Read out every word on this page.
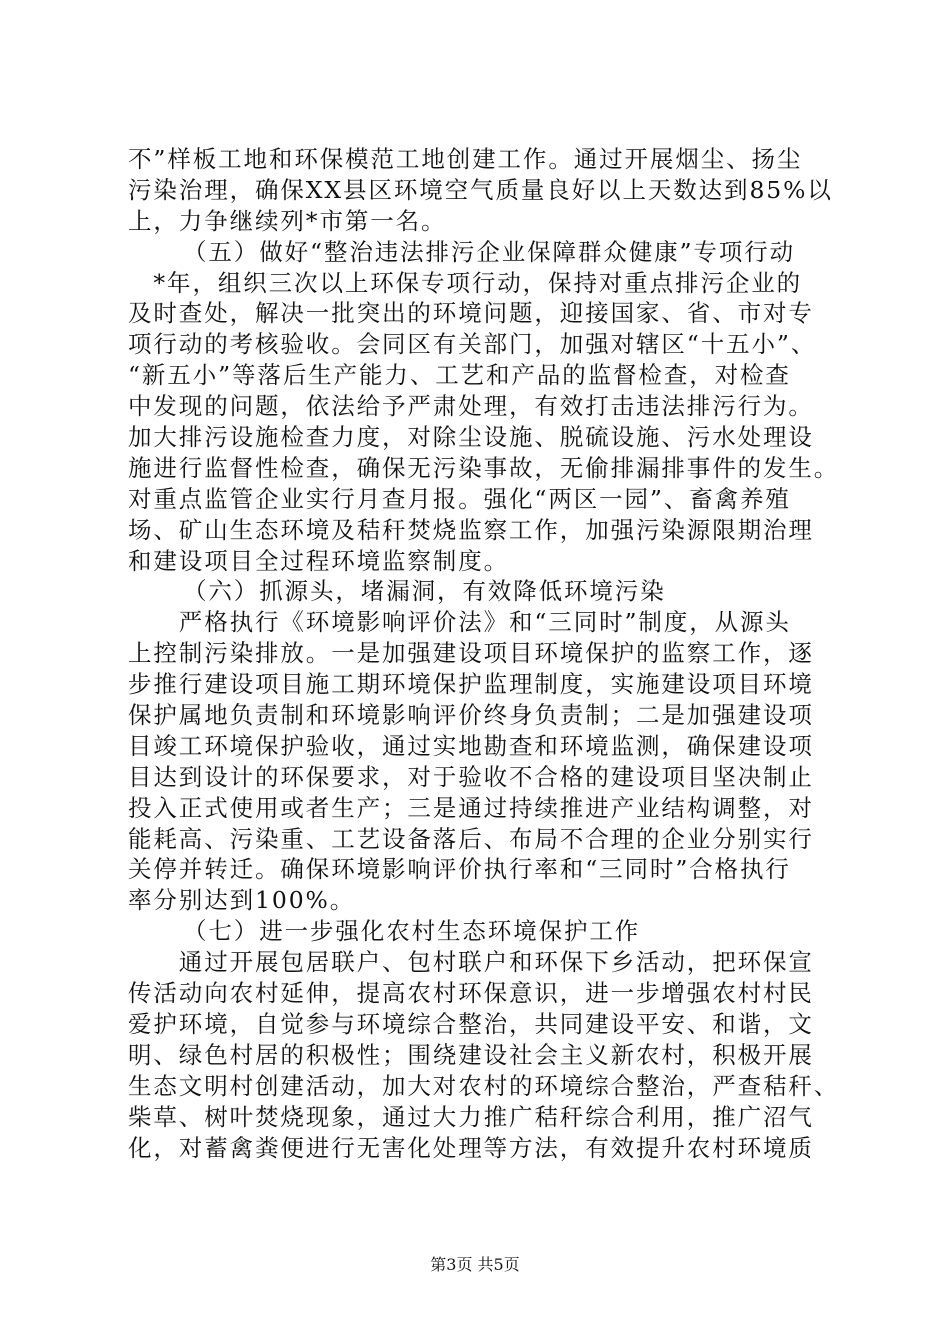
不”样板工地和环保模范工地创建工作。通过开展烟尘、扬尘
污染治理，确保XX县区环境空气质量良好以上天数达到85%以
上，力争继续列*市第一名。
（五）做好“整治违法排污企业保障群众健康”专项行动
　*年，组织三次以上环保专项行动，保持对重点排污企业的
及时查处，解决一批突出的环境问题，迎接国家、省、市对专
项行动的考核验收。会同区有关部门，加强对辖区“十五小”、
“新五小”等落后生产能力、工艺和产品的监督检查，对检查
中发现的问题，依法给予严肃处理，有效打击违法排污行为。
加大排污设施检查力度，对除尘设施、脱硫设施、污水处理设
施进行监督性检查，确保无污染事故，无偷排漏排事件的发生。
对重点监管企业实行月查月报。强化“两区一园”、畜禽养殖
场、矿山生态环境及秸秆焚烧监察工作，加强污染源限期治理
和建设项目全过程环境监察制度。
（六）抓源头，堵漏洞，有效降低环境污染
　　严格执行《环境影响评价法》和“三同时”制度，从源头
上控制污染排放。一是加强建设项目环境保护的监察工作，逐
步推行建设项目施工期环境保护监理制度，实施建设项目环境
保护属地负责制和环境影响评价终身负责制；二是加强建设项
目竣工环境保护验收，通过实地勘查和环境监测，确保建设项
目达到设计的环保要求，对于验收不合格的建设项目坚决制止
投入正式使用或者生产；三是通过持续推进产业结构调整，对
能耗高、污染重、工艺设备落后、布局不合理的企业分别实行
关停并转迁。确保环境影响评价执行率和“三同时”合格执行
率分别达到100%。
（七）进一步强化农村生态环境保护工作
　　通过开展包居联户、包村联户和环保下乡活动，把环保宣
传活动向农村延伸，提高农村环保意识，进一步增强农村村民
爱护环境，自觉参与环境综合整治，共同建设平安、和谐，文
明、绿色村居的积极性；围绕建设社会主义新农村，积极开展
生态文明村创建活动，加大对农村的环境综合整治，严查秸秆、
柴草、树叶焚烧现象，通过大力推广秸秆综合利用，推广沼气
化，对蓄禽粪便进行无害化处理等方法，有效提升农村环境质
第3页 共5页
